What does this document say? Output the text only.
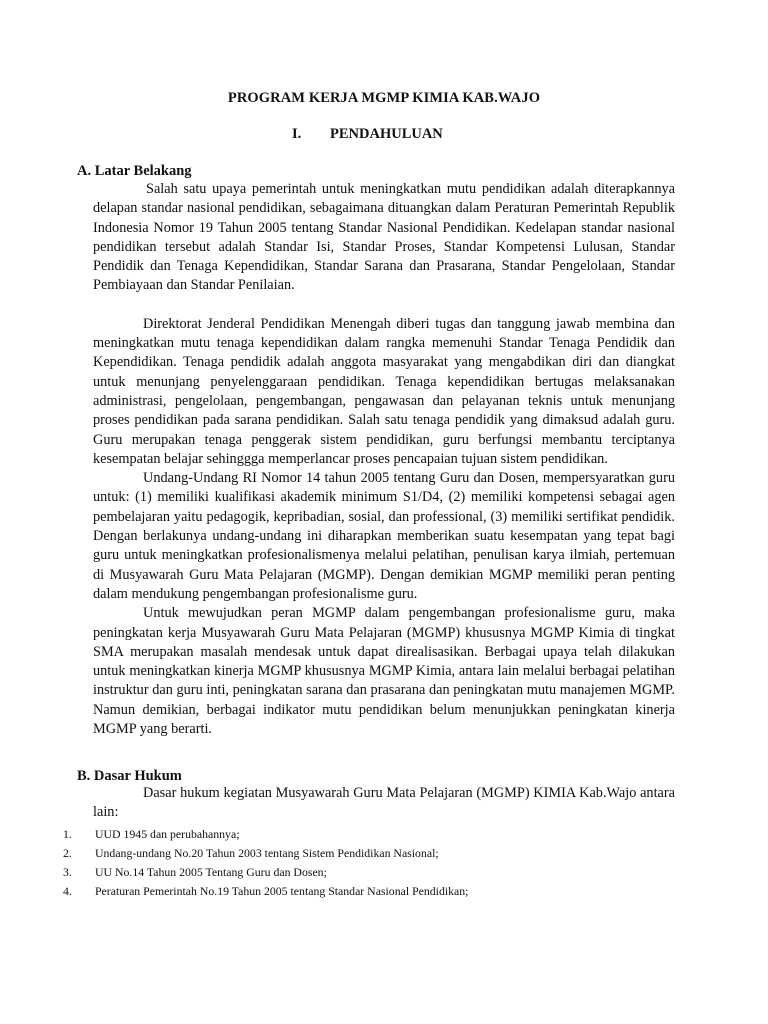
PROGRAM KERJA MGMP KIMIA KAB.WAJO
I. PENDAHULUAN
A. Latar Belakang

Salah satu upaya pemerintah untuk meningkatkan mutu pendidikan adalah diterapkannya delapan standar nasional pendidikan, sebagaimana dituangkan dalam Peraturan Pemerintah Republik Indonesia Nomor 19 Tahun 2005 tentang Standar Nasional Pendidikan. Kedelapan standar nasional pendidikan tersebut adalah Standar Isi, Standar Proses, Standar Kompetensi Lulusan, Standar Pendidik dan Tenaga Kependidikan, Standar Sarana dan Prasarana, Standar Pengelolaan, Standar Pembiayaan dan Standar Penilaian.

Direktorat Jenderal Pendidikan Menengah diberi tugas dan tanggung jawab membina dan meningkatkan mutu tenaga kependidikan dalam rangka memenuhi Standar Tenaga Pendidik dan Kependidikan. Tenaga pendidik adalah anggota masyarakat yang mengabdikan diri dan diangkat untuk menunjang penyelenggaraan pendidikan. Tenaga kependidikan bertugas melaksanakan administrasi, pengelolaan, pengembangan, pengawasan dan pelayanan teknis untuk menunjang proses pendidikan pada sarana pendidikan. Salah satu tenaga pendidik yang dimaksud adalah guru. Guru merupakan tenaga penggerak sistem pendidikan, guru berfungsi membantu terciptanya kesempatan belajar sehinggga memperlancar proses pencapaian tujuan sistem pendidikan.

Undang-Undang RI Nomor 14 tahun 2005 tentang Guru dan Dosen, mempersyaratkan guru untuk: (1) memiliki kualifikasi akademik minimum S1/D4, (2) memiliki kompetensi sebagai agen pembelajaran yaitu pedagogik, kepribadian, sosial, dan professional, (3) memiliki sertifikat pendidik. Dengan berlakunya undang-undang ini diharapkan memberikan suatu kesempatan yang tepat bagi guru untuk meningkatkan profesionalismenya melalui pelatihan, penulisan karya ilmiah, pertemuan di Musyawarah Guru Mata Pelajaran (MGMP). Dengan demikian MGMP memiliki peran penting dalam mendukung pengembangan profesionalisme guru.

Untuk mewujudkan peran MGMP dalam pengembangan profesionalisme guru, maka peningkatan kerja Musyawarah Guru Mata Pelajaran (MGMP) khususnya MGMP Kimia di tingkat SMA merupakan masalah mendesak untuk dapat direalisasikan. Berbagai upaya telah dilakukan untuk meningkatkan kinerja MGMP khususnya MGMP Kimia, antara lain melalui berbagai pelatihan instruktur dan guru inti, peningkatan sarana dan prasarana dan peningkatan mutu manajemen MGMP. Namun demikian, berbagai indikator mutu pendidikan belum menunjukkan peningkatan kinerja MGMP yang berarti.

B. Dasar Hukum

Dasar hukum kegiatan Musyawarah Guru Mata Pelajaran (MGMP) KIMIA Kab.Wajo antara lain:

1. UUD 1945 dan perubahannya;
2. Undang-undang No.20 Tahun 2003 tentang Sistem Pendidikan Nasional;
3. UU No.14 Tahun 2005 Tentang Guru dan Dosen;
4. Peraturan Pemerintah No.19 Tahun 2005 tentang Standar Nasional Pendidikan;
